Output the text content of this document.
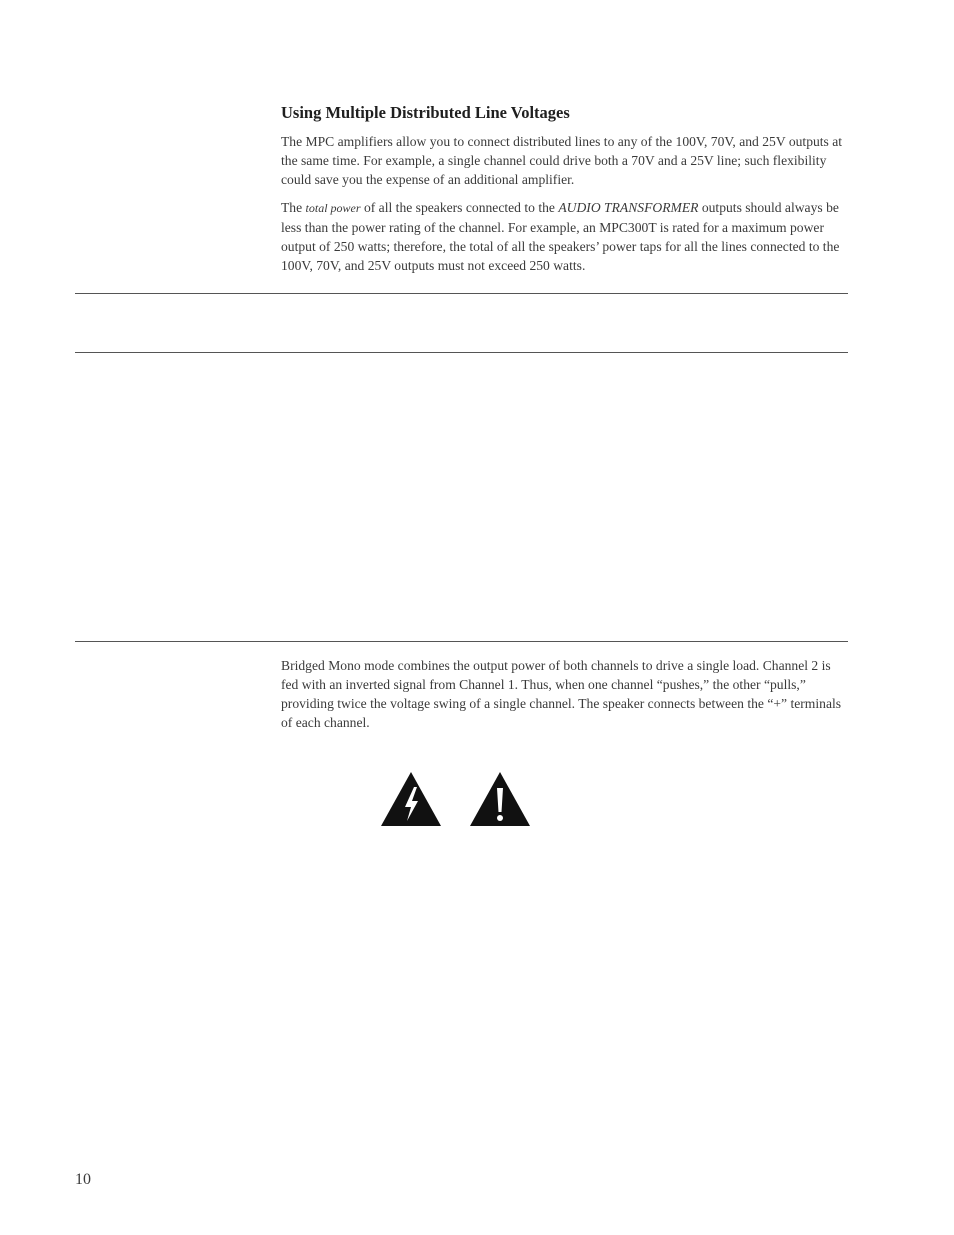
Using Multiple Distributed Line Voltages

The MPC amplifiers allow you to connect distributed lines to any of the 100V, 70V, and 25V outputs at the same time. For example, a single channel could drive both a 70V and a 25V line; such flexibility could save you the expense of an additional amplifier.

The total power of all the speakers connected to the AUDIO TRANSFORMER outputs should always be less than the power rating of the channel. For example, an MPC300T is rated for a maximum power output of 250 watts; therefore, the total of all the speakers’ power taps for all the lines connected to the 100V, 70V, and 25V outputs must not exceed 250 watts.

Bridged Mono mode combines the output power of both channels to drive a single load. Channel 2 is fed with an inverted signal from Channel 1. Thus, when one channel “pushes,” the other “pulls,” providing twice the voltage swing of a single channel. The speaker connects between the “+” terminals of each channel.

10
